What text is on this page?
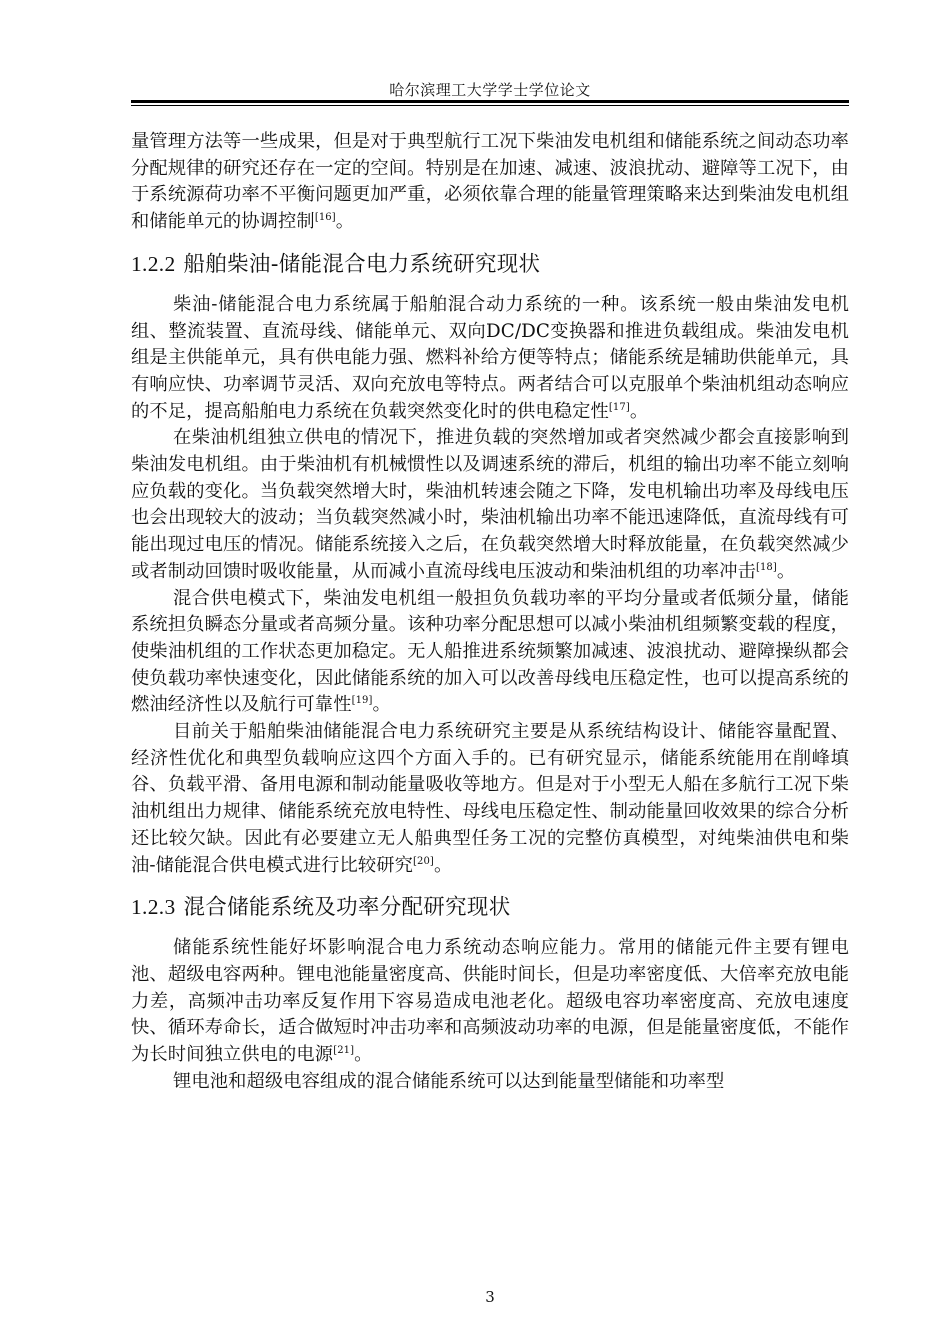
哈尔滨理工大学学士学位论文

量管理方法等一些成果，但是对于典型航行工况下柴油发电机组和储能系统之间动态功率分配规律的研究还存在一定的空间。特别是在加速、减速、波浪扰动、避障等工况下，由于系统源荷功率不平衡问题更加严重，必须依靠合理的能量管理策略来达到柴油发电机组和储能单元的协调控制[16]。

1.2.2 船舶柴油-储能混合电力系统研究现状

柴油-储能混合电力系统属于船舶混合动力系统的一种。该系统一般由柴油发电机组、整流装置、直流母线、储能单元、双向DC/DC变换器和推进负载组成。柴油发电机组是主供能单元，具有供电能力强、燃料补给方便等特点；储能系统是辅助供能单元，具有响应快、功率调节灵活、双向充放电等特点。两者结合可以克服单个柴油机组动态响应的不足，提高船舶电力系统在负载突然变化时的供电稳定性[17]。

在柴油机组独立供电的情况下，推进负载的突然增加或者突然减少都会直接影响到柴油发电机组。由于柴油机有机械惯性以及调速系统的滞后，机组的输出功率不能立刻响应负载的变化。当负载突然增大时，柴油机转速会随之下降，发电机输出功率及母线电压也会出现较大的波动；当负载突然减小时，柴油机输出功率不能迅速降低，直流母线有可能出现过电压的情况。储能系统接入之后，在负载突然增大时释放能量，在负载突然减少或者制动回馈时吸收能量，从而减小直流母线电压波动和柴油机组的功率冲击[18]。

混合供电模式下，柴油发电机组一般担负负载功率的平均分量或者低频分量，储能系统担负瞬态分量或者高频分量。该种功率分配思想可以减小柴油机组频繁变载的程度，使柴油机组的工作状态更加稳定。无人船推进系统频繁加减速、波浪扰动、避障操纵都会使负载功率快速变化，因此储能系统的加入可以改善母线电压稳定性，也可以提高系统的燃油经济性以及航行可靠性[19]。

目前关于船舶柴油储能混合电力系统研究主要是从系统结构设计、储能容量配置、经济性优化和典型负载响应这四个方面入手的。已有研究显示，储能系统能用在削峰填谷、负载平滑、备用电源和制动能量吸收等地方。但是对于小型无人船在多航行工况下柴油机组出力规律、储能系统充放电特性、母线电压稳定性、制动能量回收效果的综合分析还比较欠缺。因此有必要建立无人船典型任务工况的完整仿真模型，对纯柴油供电和柴油-储能混合供电模式进行比较研究[20]。

1.2.3 混合储能系统及功率分配研究现状

储能系统性能好坏影响混合电力系统动态响应能力。常用的储能元件主要有锂电池、超级电容两种。锂电池能量密度高、供能时间长，但是功率密度低、大倍率充放电能力差，高频冲击功率反复作用下容易造成电池老化。超级电容功率密度高、充放电速度快、循环寿命长，适合做短时冲击功率和高频波动功率的电源，但是能量密度低，不能作为长时间独立供电的电源[21]。

锂电池和超级电容组成的混合储能系统可以达到能量型储能和功率型

3
